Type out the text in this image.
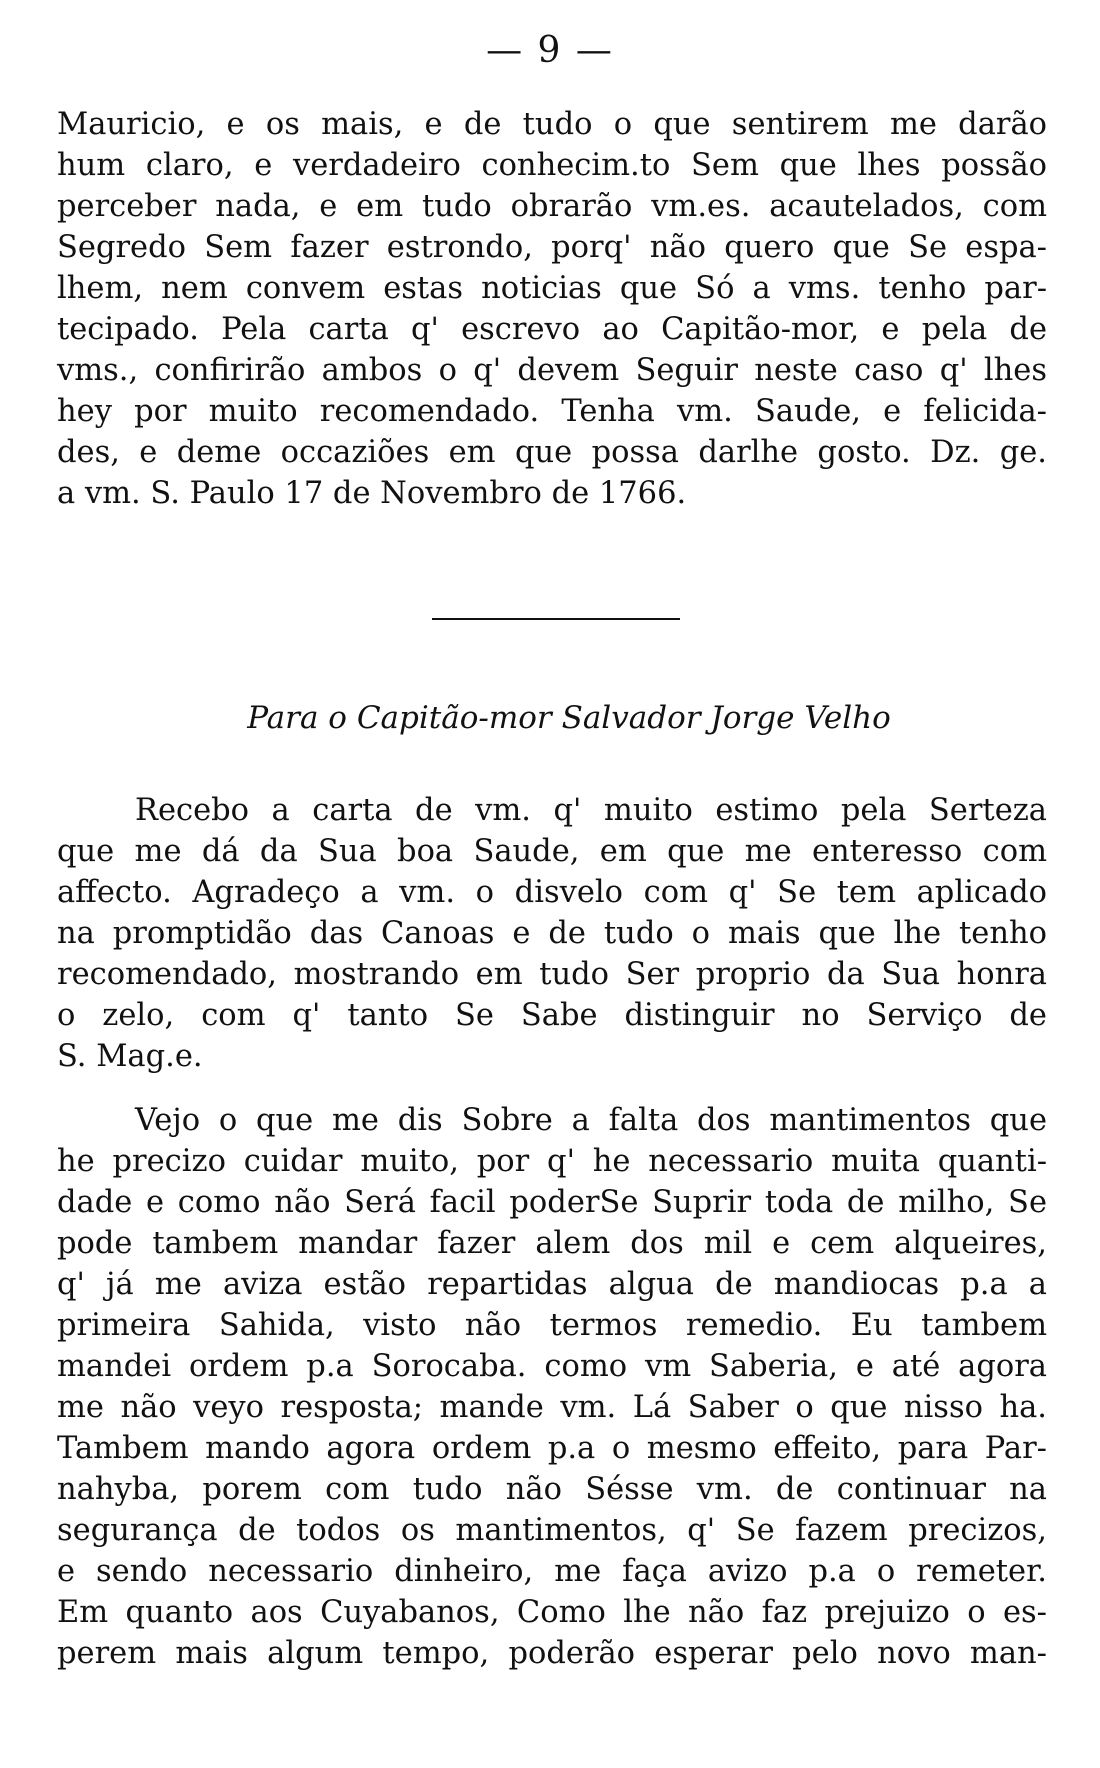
— 9 —
Mauricio, e os mais, e de tudo o que sentirem me darão
hum claro, e verdadeiro conhecim.to Sem que lhes possão
perceber nada, e em tudo obrarão vm.es. acautelados, com
Segredo Sem fazer estrondo, porq' não quero que Se espa-
lhem, nem convem estas noticias que Só a vms. tenho par-
tecipado. Pela carta q' escrevo ao Capitão-mor, e pela de
vms., confirirão ambos o q' devem Seguir neste caso q' lhes
hey por muito recomendado. Tenha vm. Saude, e felicida-
des, e deme occaziões em que possa darlhe gosto. Dz. ge.
a vm. S. Paulo 17 de Novembro de 1766.
Para o Capitão-mor Salvador Jorge Velho
Recebo a carta de vm. q' muito estimo pela Serteza
que me dá da Sua boa Saude, em que me enteresso com
affecto. Agradeço a vm. o disvelo com q' Se tem aplicado
na promptidão das Canoas e de tudo o mais que lhe tenho
recomendado, mostrando em tudo Ser proprio da Sua honra
o zelo, com q' tanto Se Sabe distinguir no Serviço de
S. Mag.e.
Vejo o que me dis Sobre a falta dos mantimentos que
he precizo cuidar muito, por q' he necessario muita quanti-
dade e como não Será facil poderSe Suprir toda de milho, Se
pode tambem mandar fazer alem dos mil e cem alqueires,
q' já me aviza estão repartidas algua de mandiocas p.a a
primeira Sahida, visto não termos remedio. Eu tambem
mandei ordem p.a Sorocaba. como vm Saberia, e até agora
me não veyo resposta; mande vm. Lá Saber o que nisso ha.
Tambem mando agora ordem p.a o mesmo effeito, para Par-
nahyba, porem com tudo não Sésse vm. de continuar na
segurança de todos os mantimentos, q' Se fazem precizos,
e sendo necessario dinheiro, me faça avizo p.a o remeter.
Em quanto aos Cuyabanos, Como lhe não faz prejuizo o es-
perem mais algum tempo, poderão esperar pelo novo man-
